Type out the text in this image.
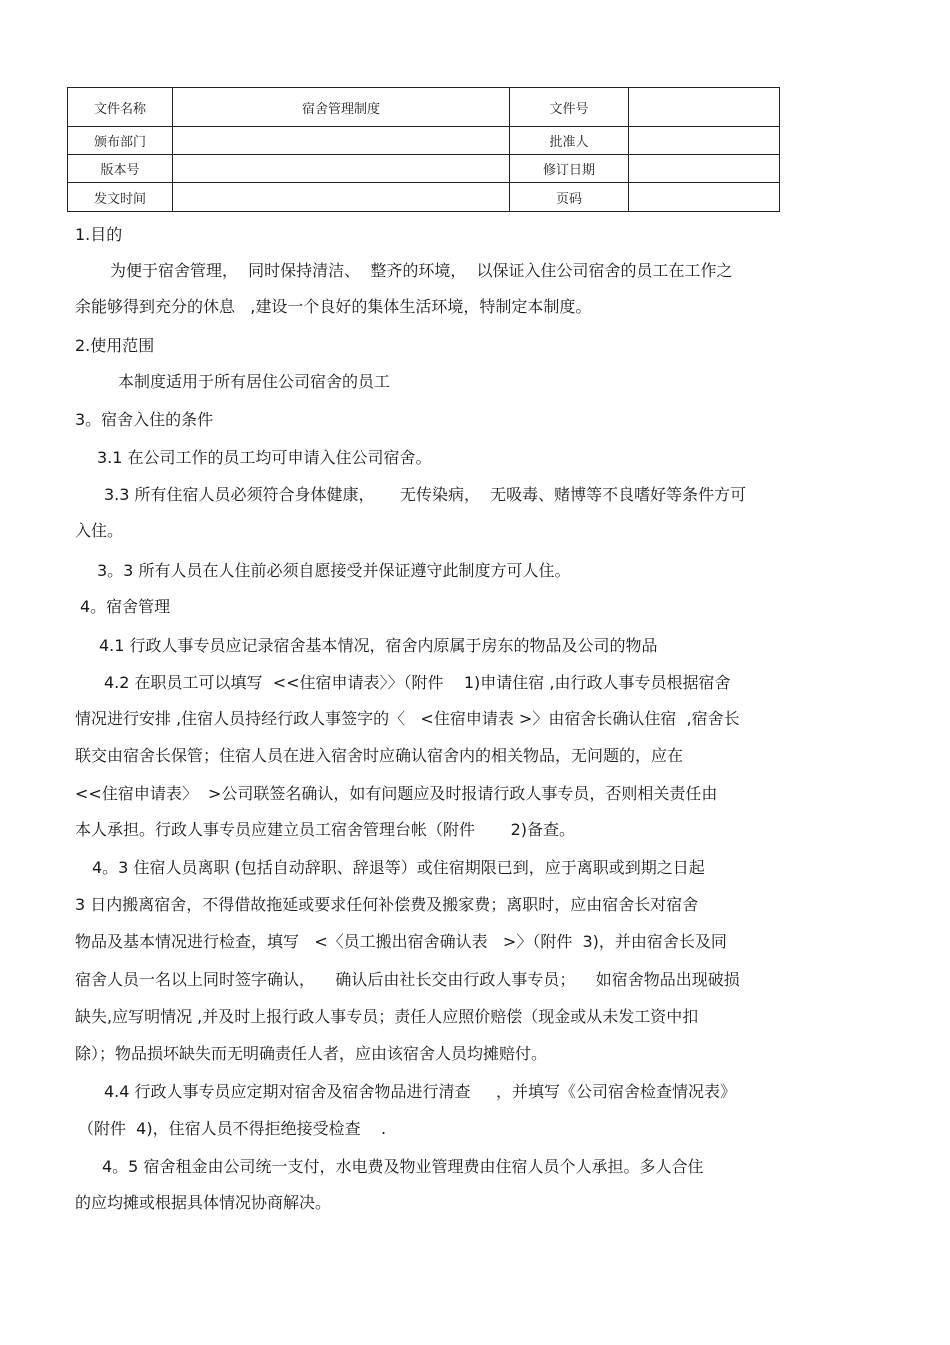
文件名称	宿舍管理制度	文件号	
颁布部门		批准人	
版本号		修订日期	
发文时间		页码	
1.目的
为便于宿舍管理，  同时保持清洁、  整齐的环境，  以保证入住公司宿舍的员工在工作之
余能够得到充分的休息   ,建设一个良好的集体生活环境，特制定本制度。
2.使用范围
本制度适用于所有居住公司宿舍的员工
3。宿舍入住的条件
3.1 在公司工作的员工均可申请入住公司宿舍。
3.3 所有住宿人员必须符合身体健康，     无传染病，  无吸毒、赌博等不良嗜好等条件方可
入住。
3。3 所有人员在人住前必须自愿接受并保证遵守此制度方可人住。
4。宿舍管理
4.1 行政人事专员应记录宿舍基本情况，宿舍内原属于房东的物品及公司的物品
4.2 在职员工可以填写  <<住宿申请表〉〉（附件    1)申请住宿 ,由行政人事专员根据宿舍
情况进行安排 ,住宿人员持经行政人事签字的〈   <住宿申请表 >〉由宿舍长确认住宿  ,宿舍长
联交由宿舍长保管；住宿人员在进入宿舍时应确认宿舍内的相关物品，无问题的，应在
<<住宿申请表〉  >公司联签名确认，如有问题应及时报请行政人事专员，否则相关责任由
本人承担。行政人事专员应建立员工宿舍管理台帐（附件       2)备查。
4。3 住宿人员离职 (包括自动辞职、辞退等）或住宿期限已到，应于离职或到期之日起
3 日内搬离宿舍，不得借故拖延或要求任何补偿费及搬家费；离职时，应由宿舍长对宿舍
物品及基本情况进行检查，填写   <〈员工搬出宿舍确认表   >〉（附件  3)，并由宿舍长及同
宿舍人员一名以上同时签字确认，    确认后由社长交由行政人事专员；    如宿舍物品出现破损
缺失,应写明情况 ,并及时上报行政人事专员；责任人应照价赔偿（现金或从未发工资中扣
除）；物品损坏缺失而无明确责任人者，应由该宿舍人员均摊赔付。
4.4 行政人事专员应定期对宿舍及宿舍物品进行清查     ，并填写《公司宿舍检查情况表》
（附件  4)，住宿人员不得拒绝接受检查    .
4。5 宿舍租金由公司统一支付，水电费及物业管理费由住宿人员个人承担。多人合住
的应均摊或根据具体情况协商解决。
